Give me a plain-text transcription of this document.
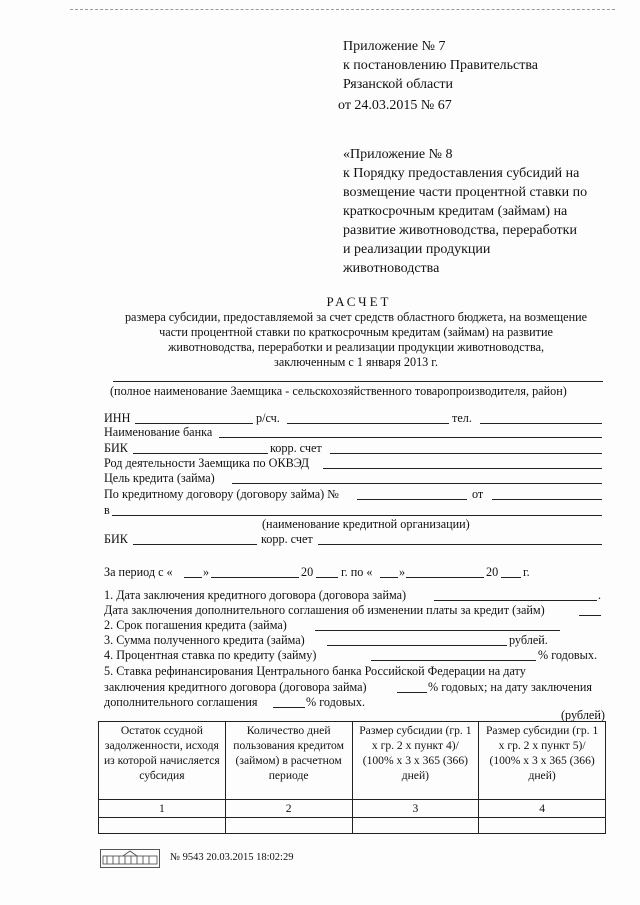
Приложение № 7
к постановлению Правительства
Рязанской области
от 24.03.2015 № 67
«Приложение № 8
к Порядку предоставления субсидий на
возмещение части процентной ставки по
краткосрочным кредитам (займам) на
развитие животноводства, переработки
и реализации продукции
животноводства
РАСЧЕТ
размера субсидии, предоставляемой за счет средств областного бюджета, на возмещение
части процентной ставки по краткосрочным кредитам (займам) на развитие
животноводства, переработки и реализации продукции животноводства,
заключенным с 1 января 2013 г.
(полное наименование Заемщика - сельскохозяйственного товаропроизводителя, район)
ИНН	р/сч.	тел.
Наименование банка
БИК	корр. счет
Род деятельности Заемщика по ОКВЭД
Цель кредита (займа)
По кредитному договору (договору займа) №	от
в
(наименование кредитной организации)
БИК	корр. счет
За период с « »	20 г. по « »	20 г.
1. Дата заключения кредитного договора (договора займа)	.
Дата заключения дополнительного соглашения об изменении платы за кредит (займ)
2. Срок погашения кредита (займа)
3. Сумма полученного кредита (займа)	рублей.
4. Процентная ставка по кредиту (займу)	% годовых.
5. Ставка рефинансирования Центрального банка Российской Федерации на дату
заключения кредитного договора (договора займа)	% годовых; на дату заключения
дополнительного соглашения	% годовых.
(рублей)
Остаток ссудной задолженности, исходя из которой начисляется субсидия	Количество дней пользования кредитом (займом) в расчетном периоде	Размер субсидии (гр. 1 х гр. 2 х пункт 4)/ (100% х 3 х 365 (366) дней)	Размер субсидии (гр. 1 х гр. 2 х пункт 5)/ (100% х 3 х 365 (366) дней)
1	2	3	4

№ 9543 20.03.2015 18:02:29
